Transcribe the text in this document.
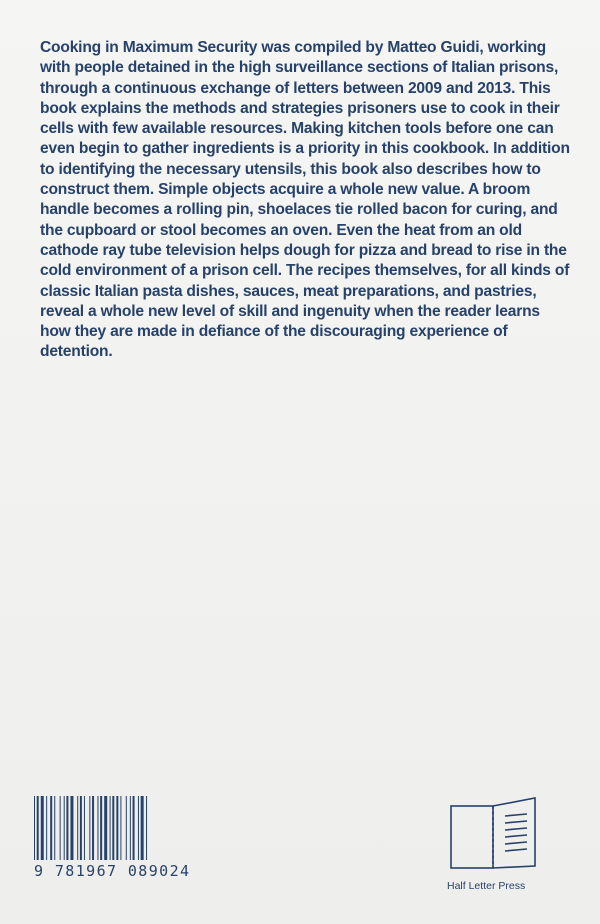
Cooking in Maximum Security was compiled by Matteo Guidi, working with people detained in the high surveillance sections of Italian prisons, through a continuous exchange of letters between 2009 and 2013. This book explains the methods and strategies prisoners use to cook in their cells with few available resources. Making kitchen tools before one can even begin to gather ingredients is a priority in this cookbook. In addition to identifying the necessary utensils, this book also describes how to construct them. Simple objects acquire a whole new value. A broom handle becomes a rolling pin, shoelaces tie rolled bacon for curing, and the cupboard or stool becomes an oven. Even the heat from an old cathode ray tube television helps dough for pizza and bread to rise in the cold environment of a prison cell. The recipes themselves, for all kinds of classic Italian pasta dishes, sauces, meat preparations, and pastries, reveal a whole new level of skill and ingenuity when the reader learns how they are made in defiance of the discouraging experience of detention.

9 781967 089024
Half Letter Press
